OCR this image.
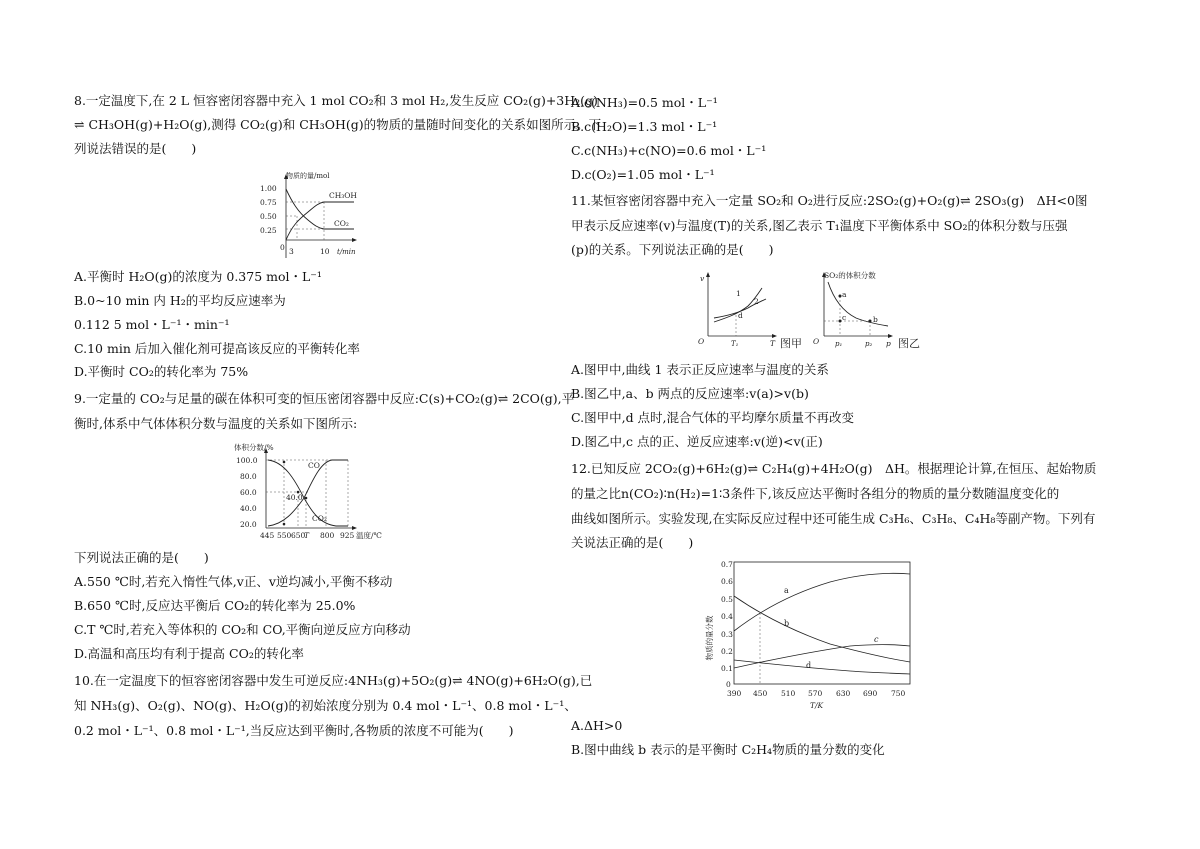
8.一定温度下,在 2 L 恒容密闭容器中充入 1 mol CO₂和 3 mol H₂,发生反应 CO₂(g)+3H₂(g)
⇌ CH₃OH(g)+H₂O(g),测得 CO₂(g)和 CH₃OH(g)的物质的量随时间变化的关系如图所示。下
列说法错误的是(　　)
物质的量/mol
1.00
0.75
0.50
0.25
0 3	10 t/min
CH₃OH
CO₂
A.平衡时 H₂O(g)的浓度为 0.375 mol・L⁻¹
B.0~10 min 内 H₂的平均反应速率为
0.112 5 mol・L⁻¹・min⁻¹
C.10 min 后加入催化剂可提高该反应的平衡转化率
D.平衡时 CO₂的转化率为 75%
9.一定量的 CO₂与足量的碳在体积可变的恒压密闭容器中反应:C(s)+CO₂(g)⇌ 2CO(g),平
衡时,体系中气体体积分数与温度的关系如下图所示:
体积分数/%
100.0
80.0
60.0
40.0
20.0
CO
40.0
CO₂
445 550 650
T 800 925 温度/℃
下列说法正确的是(　　)
A.550 ℃时,若充入惰性气体,v正、v逆均减小,平衡不移动
B.650 ℃时,反应达平衡后 CO₂的转化率为 25.0%
C.T ℃时,若充入等体积的 CO₂和 CO,平衡向逆反应方向移动
D.高温和高压均有利于提高 CO₂的转化率
10.在一定温度下的恒容密闭容器中发生可逆反应:4NH₃(g)+5O₂(g)⇌ 4NO(g)+6H₂O(g),已
知 NH₃(g)、O₂(g)、NO(g)、H₂O(g)的初始浓度分别为 0.4 mol・L⁻¹、0.8 mol・L⁻¹、
0.2 mol・L⁻¹、0.8 mol・L⁻¹,当反应达到平衡时,各物质的浓度不可能为(　　)
A.c(NH₃)=0.5 mol・L⁻¹
B.c(H₂O)=1.3 mol・L⁻¹
C.c(NH₃)+c(NO)=0.6 mol・L⁻¹
D.c(O₂)=1.05 mol・L⁻¹
11.某恒容密闭容器中充入一定量 SO₂和 O₂进行反应:2SO₂(g)+O₂(g)⇌ 2SO₃(g)　ΔH<0图
甲表示反应速率(v)与温度(T)的关系,图乙表示 T₁温度下平衡体系中 SO₂的体积分数与压强
(p)的关系。下列说法正确的是(　　)
v
O	T
1
2
d
T₁	图甲
SO₂的体积分数
O
a
b
c
p₁	p₂ p 图乙
A.图甲中,曲线 1 表示正反应速率与温度的关系
B.图乙中,a、b 两点的反应速率:v(a)>v(b)
C.图甲中,d 点时,混合气体的平均摩尔质量不再改变
D.图乙中,c 点的正、逆反应速率:v(逆)<v(正)
12.已知反应 2CO₂(g)+6H₂(g)⇌ C₂H₄(g)+4H₂O(g)　ΔH。根据理论计算,在恒压、起始物质
的量之比n(CO₂)∶n(H₂)=1∶3条件下,该反应达平衡时各组分的物质的量分数随温度变化的
曲线如图所示。实验发现,在实际反应过程中还可能生成 C₃H₆、C₃H₈、C₄H₈等副产物。下列有
关说法正确的是(　　)
物质的量分数
0.7
0.6
0.5
0.4
0.3
0.2
0.1
0
390 450 510 570 630 690 750
T/K
a
b
c
d
A.ΔH>0
B.图中曲线 b 表示的是平衡时 C₂H₄物质的量分数的变化
